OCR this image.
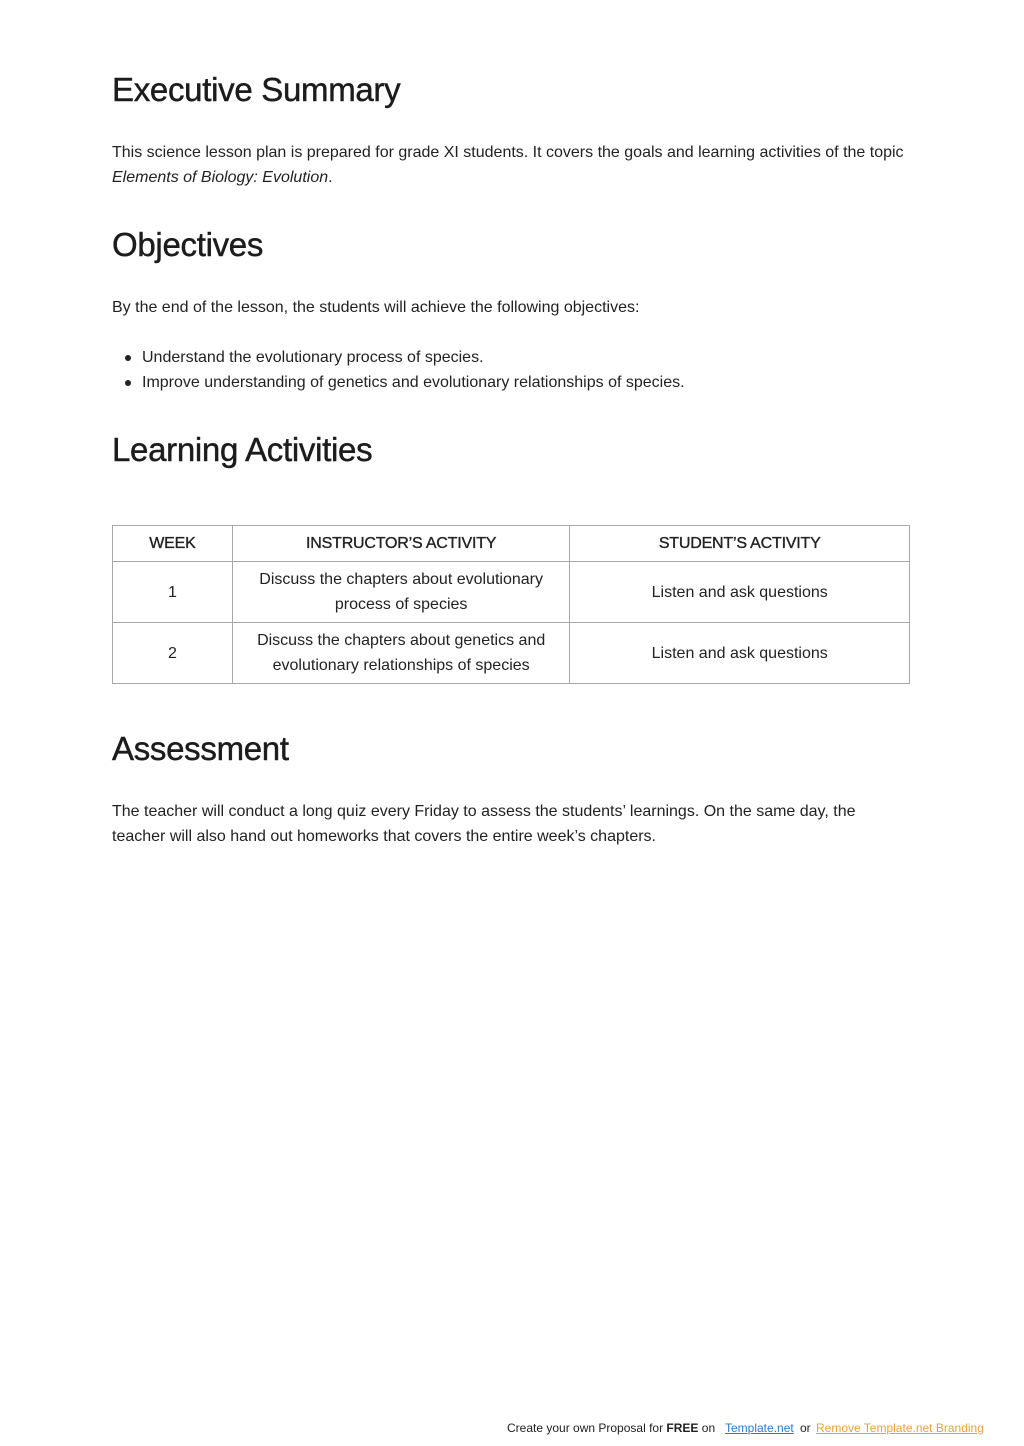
Executive Summary

This science lesson plan is prepared for grade XI students. It covers the goals and learning activities of the topic Elements of Biology: Evolution.

Objectives

By the end of the lesson, the students will achieve the following objectives:

Understand the evolutionary process of species.
Improve understanding of genetics and evolutionary relationships of species.
Learning Activities
WEEK	INSTRUCTOR’S ACTIVITY	STUDENT’S ACTIVITY
1	Discuss the chapters about evolutionary process of species	Listen and ask questions
2	Discuss the chapters about genetics and evolutionary relationships of species	Listen and ask questions
Assessment

The teacher will conduct a long quiz every Friday to assess the students’ learnings. On the same day, the teacher will also hand out homeworks that covers the entire week’s chapters.

Create your own Proposal for FREE on Template.net or Remove Template.net Branding
